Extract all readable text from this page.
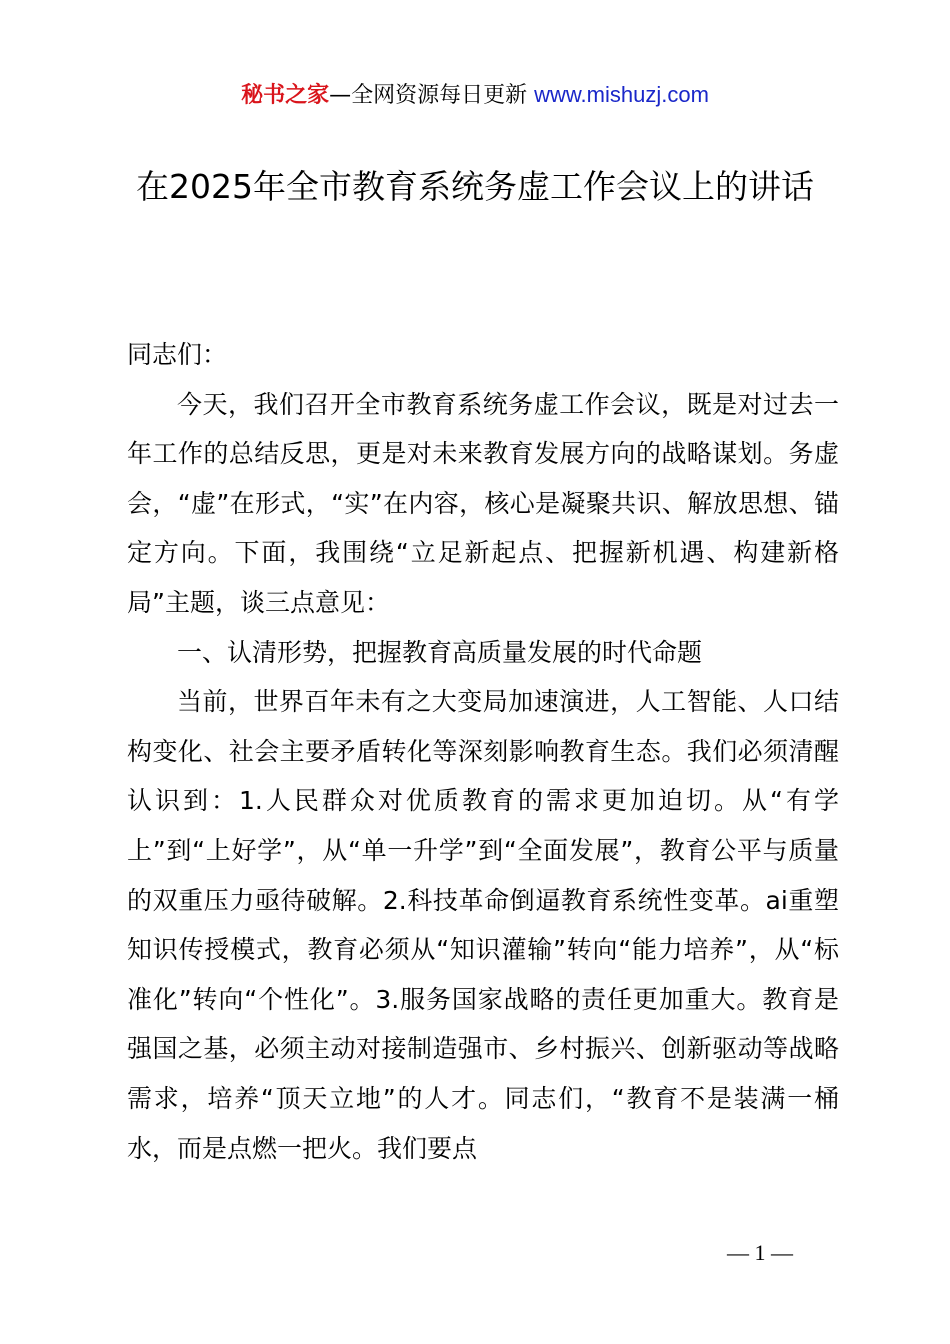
秘书之家—全网资源每日更新 www.mishuzj.com
在2025年全市教育系统务虚工作会议上的讲话

同志们：

今天，我们召开全市教育系统务虚工作会议，既是对过去一年工作的总结反思，更是对未来教育发展方向的战略谋划。务虚会，“虚”在形式，“实”在内容，核心是凝聚共识、解放思想、锚定方向。下面，我围绕“立足新起点、把握新机遇、构建新格局”主题，谈三点意见：

一、认清形势，把握教育高质量发展的时代命题

当前，世界百年未有之大变局加速演进，人工智能、人口结构变化、社会主要矛盾转化等深刻影响教育生态。我们必须清醒认识到：1.人民群众对优质教育的需求更加迫切。从“有学上”到“上好学”，从“单一升学”到“全面发展”，教育公平与质量的双重压力亟待破解。2.科技革命倒逼教育系统性变革。ai重塑知识传授模式，教育必须从“知识灌输”转向“能力培养”，从“标准化”转向“个性化”。3.服务国家战略的责任更加重大。教育是强国之基，必须主动对接制造强市、乡村振兴、创新驱动等战略需求，培养“顶天立地”的人才。同志们，“教育不是装满一桶水，而是点燃一把火。我们要点

— 1 —
